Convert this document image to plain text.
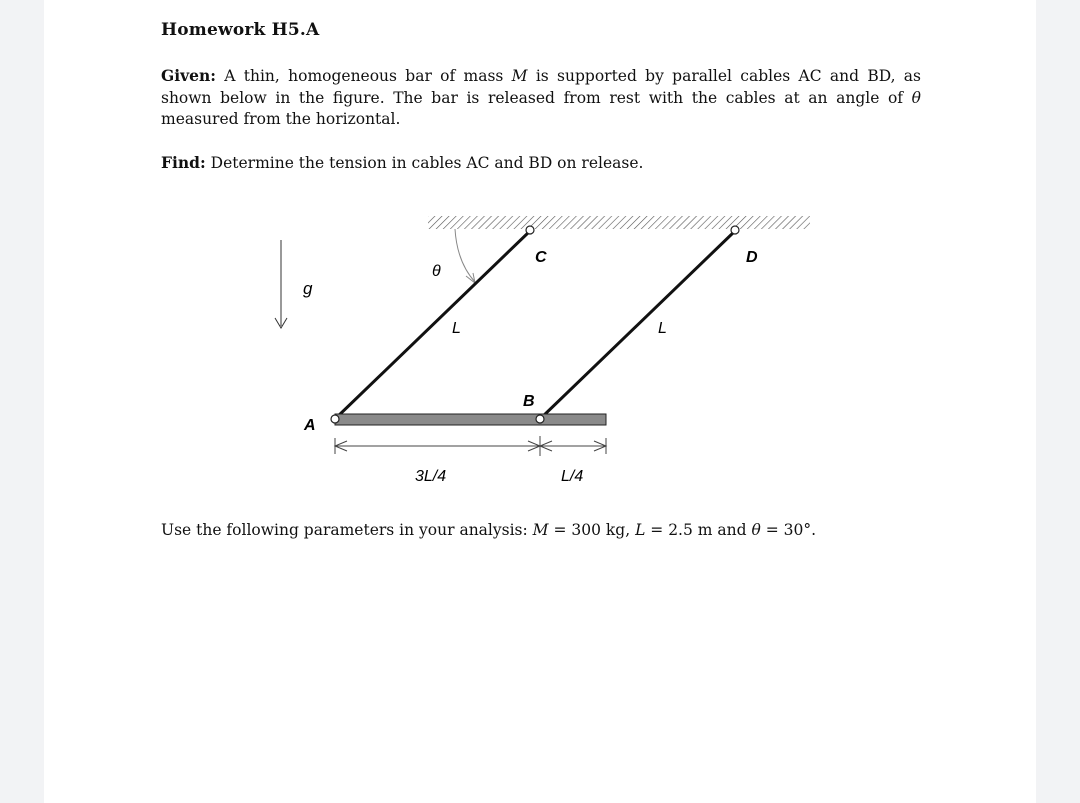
Homework H5.A
Given: A thin, homogeneous bar of mass M is supported by parallel cables AC and BD, as shown below in the figure. The bar is released from rest with the cables at an angle of θ measured from the horizontal.
Find: Determine the tension in cables AC and BD on release.
Use the following parameters in your analysis: M = 300 kg, L = 2.5 m and θ = 30°.
g
θ
L	L
A
B
C	D
3L/4	L/4
